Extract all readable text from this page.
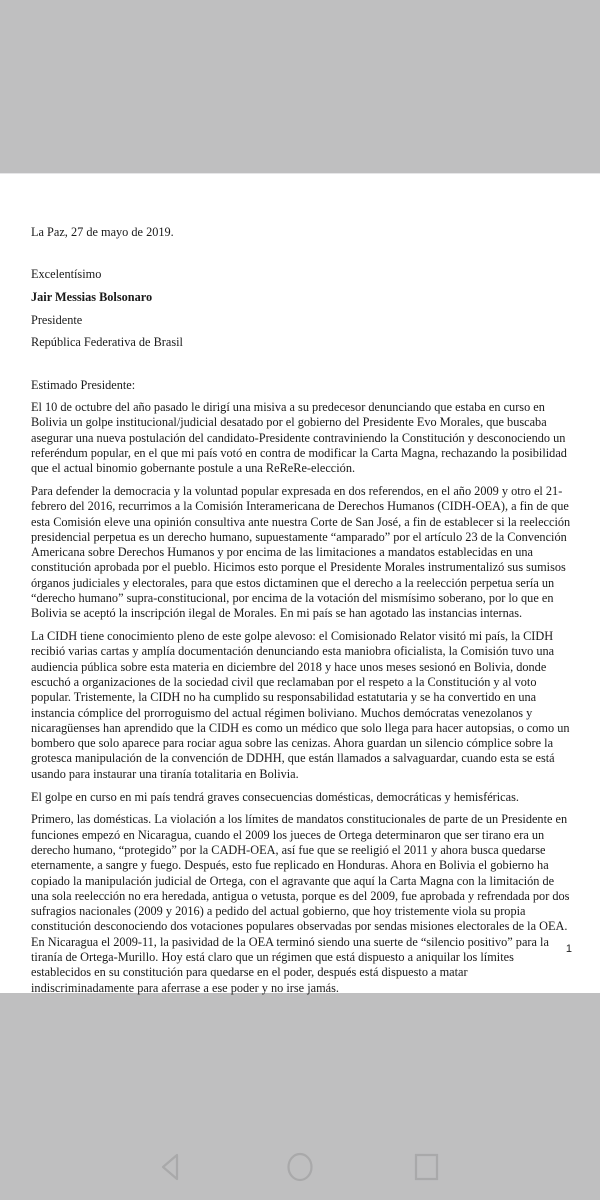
La Paz, 27 de mayo de 2019.

Excelentísimo

Jair Messias Bolsonaro

Presidente

República Federativa de Brasil

Estimado Presidente:

El 10 de octubre del año pasado le dirigí una misiva a su predecesor denunciando que estaba en curso en Bolivia un golpe institucional/judicial desatado por el gobierno del Presidente Evo Morales, que buscaba asegurar una nueva postulación del candidato-Presidente contraviniendo la Constitución y desconociendo un referéndum popular, en el que mi país votó en contra de modificar la Carta Magna, rechazando la posibilidad que el actual binomio gobernante postule a una ReReRe-elección.

Para defender la democracia y la voluntad popular expresada en dos referendos, en el año 2009 y otro el 21-febrero del 2016, recurrimos a la Comisión Interamericana de Derechos Humanos (CIDH-OEA), a fin de que esta Comisión eleve una opinión consultiva ante nuestra Corte de San José, a fin de establecer si la reelección presidencial perpetua es un derecho humano, supuestamente “amparado” por el artículo 23 de la Convención Americana sobre Derechos Humanos y por encima de las limitaciones a mandatos establecidas en una constitución aprobada por el pueblo. Hicimos esto porque el Presidente Morales instrumentalizó sus sumisos órganos judiciales y electorales, para que estos dictaminen que el derecho a la reelección perpetua sería un “derecho humano” supra-constitucional, por encima de la votación del mismísimo soberano, por lo que en Bolivia se aceptó la inscripción ilegal de Morales. En mi país se han agotado las instancias internas.

La CIDH tiene conocimiento pleno de este golpe alevoso: el Comisionado Relator visitó mi país, la CIDH recibió varias cartas y amplía documentación denunciando esta maniobra oficialista, la Comisión tuvo una audiencia pública sobre esta materia en diciembre del 2018 y hace unos meses sesionó en Bolivia, donde escuchó a organizaciones de la sociedad civil que reclamaban por el respeto a la Constitución y al voto popular. Tristemente, la CIDH no ha cumplido su responsabilidad estatutaria y se ha convertido en una instancia cómplice del prorroguismo del actual régimen boliviano. Muchos demócratas venezolanos y nicaragüenses han aprendido que la CIDH es como un médico que solo llega para hacer autopsias, o como un bombero que solo aparece para rociar agua sobre las cenizas. Ahora guardan un silencio cómplice sobre la grotesca manipulación de la convención de DDHH, que están llamados a salvaguardar, cuando esta se está usando para instaurar una tiranía totalitaria en Bolivia.

El golpe en curso en mi país tendrá graves consecuencias domésticas, democráticas y hemisféricas.

Primero, las domésticas. La violación a los límites de mandatos constitucionales de parte de un Presidente en funciones empezó en Nicaragua, cuando el 2009 los jueces de Ortega determinaron que ser tirano era un derecho humano, “protegido” por la CADH-OEA, así fue que se reeligió el 2011 y ahora busca quedarse eternamente, a sangre y fuego. Después, esto fue replicado en Honduras. Ahora en Bolivia el gobierno ha copiado la manipulación judicial de Ortega, con el agravante que aquí la Carta Magna con la limitación de una sola reelección no era heredada, antigua o vetusta, porque es del 2009, fue aprobada y refrendada por dos sufragios nacionales (2009 y 2016) a pedido del actual gobierno, que hoy tristemente viola su propia constitución desconociendo dos votaciones populares observadas por sendas misiones electorales de la OEA. En Nicaragua el 2009-11, la pasividad de la OEA terminó siendo una suerte de “silencio positivo” para la tiranía de Ortega-Murillo. Hoy está claro que un régimen que está dispuesto a aniquilar los límites establecidos en su constitución para quedarse en el poder, después está dispuesto a matar indiscriminadamente para aferrase a ese poder y no irse jamás.

1
